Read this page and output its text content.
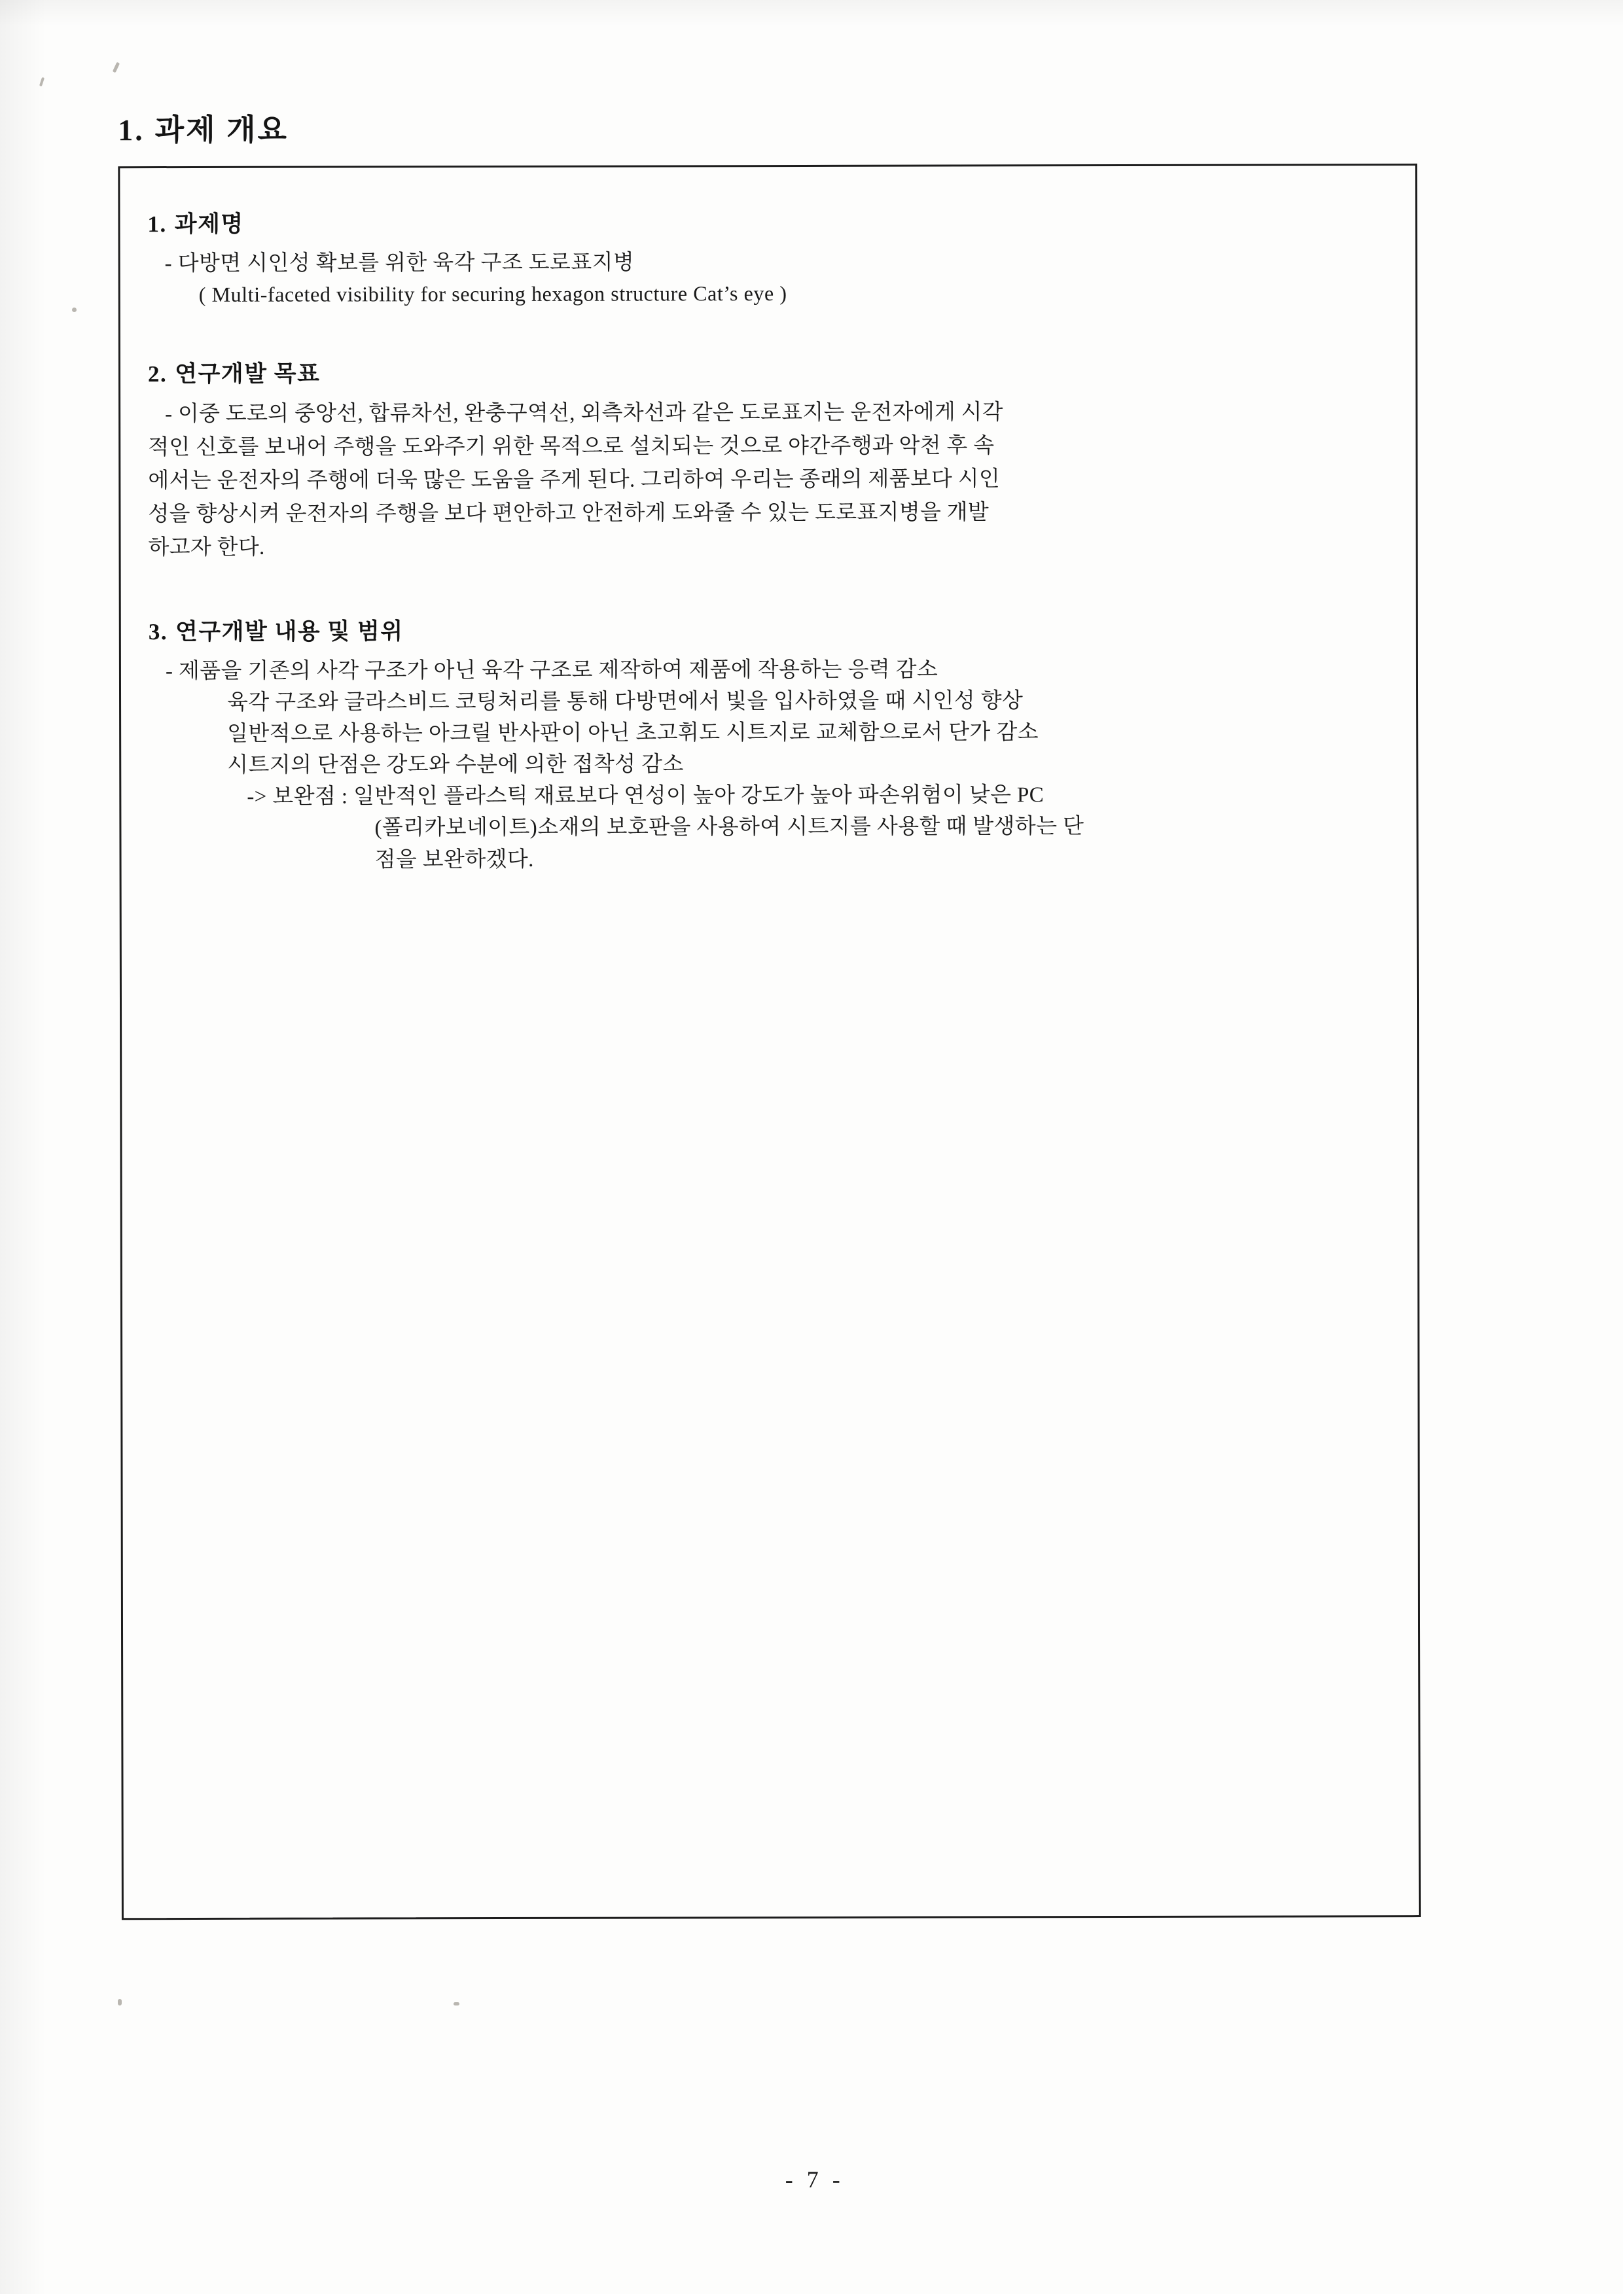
1. 과제 개요
1. 과제명
- 다방면 시인성 확보를 위한 육각 구조 도로표지병
( Multi-faceted visibility for securing hexagon structure Cat’s eye )
2. 연구개발 목표

- 이중 도로의 중앙선, 합류차선, 완충구역선, 외측차선과 같은 도로표지는 운전자에게 시각

적인 신호를 보내어 주행을 도와주기 위한 목적으로 설치되는 것으로 야간주행과 악천 후 속

에서는 운전자의 주행에 더욱 많은 도움을 주게 된다. 그리하여 우리는 종래의 제품보다 시인

성을 향상시켜 운전자의 주행을 보다 편안하고 안전하게 도와줄 수 있는 도로표지병을 개발

하고자 한다.

3. 연구개발 내용 및 범위
- 제품을 기존의 사각 구조가 아닌 육각 구조로 제작하여 제품에 작용하는 응력 감소
육각 구조와 글라스비드 코팅처리를 통해 다방면에서 빛을 입사하였을 때 시인성 향상
일반적으로 사용하는 아크릴 반사판이 아닌 초고휘도 시트지로 교체함으로서 단가 감소
시트지의 단점은 강도와 수분에 의한 접착성 감소
-> 보완점 : 일반적인 플라스틱 재료보다 연성이 높아 강도가 높아 파손위험이 낮은 PC
(폴리카보네이트)소재의 보호판을 사용하여 시트지를 사용할 때 발생하는 단
점을 보완하겠다.
- 7 -
